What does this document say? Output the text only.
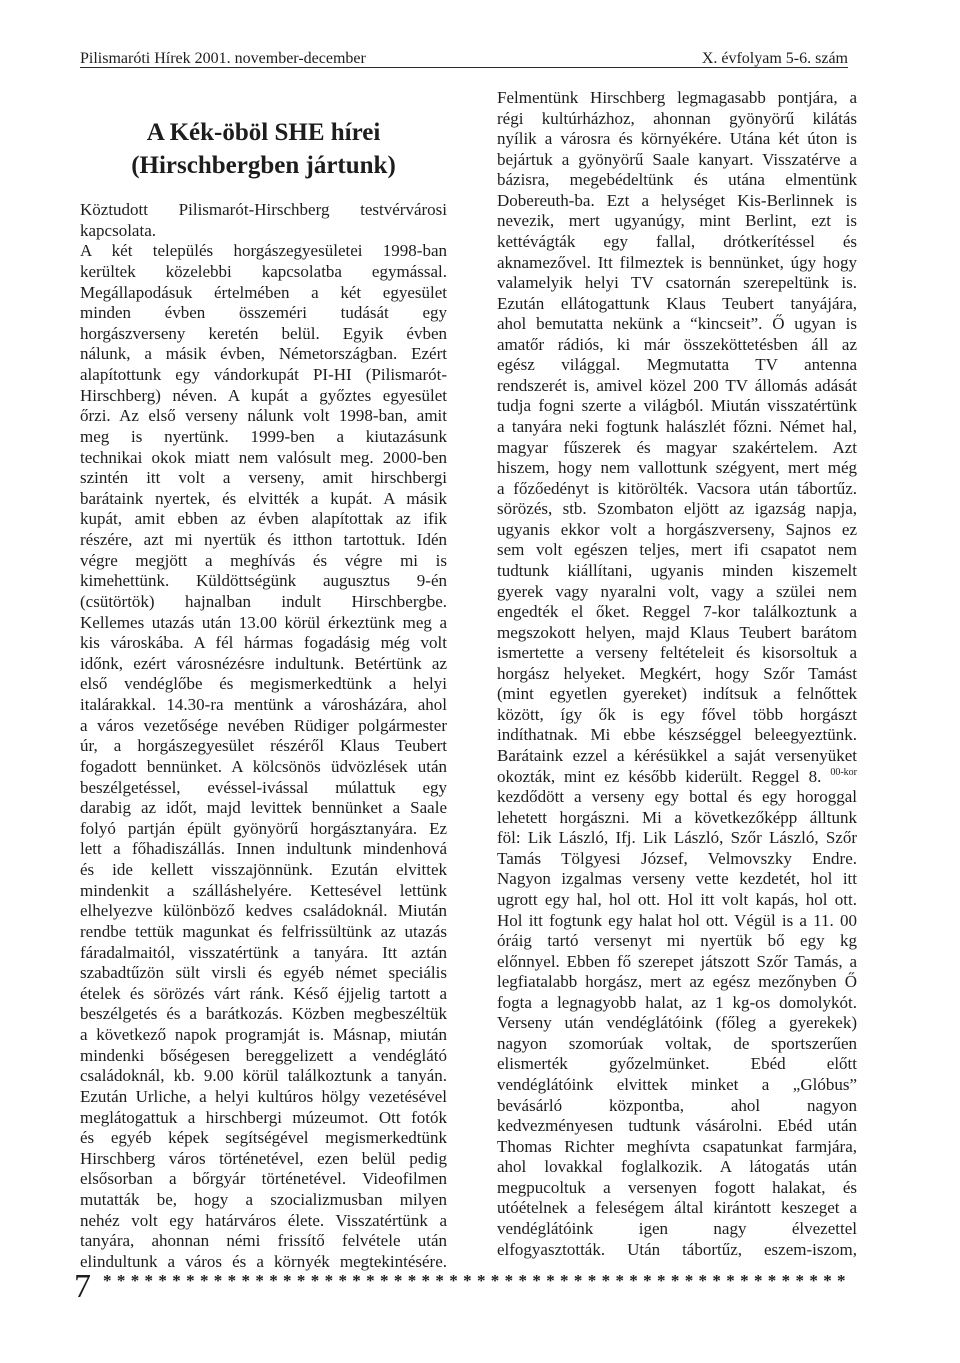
Pilismaróti Hírek 2001. november-december	X. évfolyam 5-6. szám
A Kék-öböl SHE hírei
(Hirschbergben jártunk)
Köztudott Pilismarót-Hirschberg testvérvárosi
kapcsolata.
A két település horgászegyesületei 1998-ban
kerültek közelebbi kapcsolatba egymással.
Megállapodásuk értelmében a két egyesület
minden évben összeméri tudását egy
horgászverseny keretén belül. Egyik évben
nálunk, a másik évben, Németországban. Ezért
alapítottunk egy vándorkupát PI-HI (Pilismarót-
Hirschberg) néven. A kupát a győztes egyesület
őrzi. Az első verseny nálunk volt 1998-ban, amit
meg is nyertünk. 1999-ben a kiutazásunk
technikai okok miatt nem valósult meg. 2000-ben
szintén itt volt a verseny, amit hirschbergi
barátaink nyertek, és elvitték a kupát. A másik
kupát, amit ebben az évben alapítottak az ifik
részére, azt mi nyertük és itthon tartottuk. Idén
végre megjött a meghívás és végre mi is
kimehettünk. Küldöttségünk augusztus 9-én
(csütörtök) hajnalban indult Hirschbergbe.
Kellemes utazás után 13.00 körül érkeztünk meg a
kis városkába. A fél hármas fogadásig még volt
időnk, ezért városnézésre indultunk. Betértünk az
első vendéglőbe és megismerkedtünk a helyi
italárakkal. 14.30-ra mentünk a városházára, ahol
a város vezetősége nevében Rüdiger polgármester
úr, a horgászegyesület részéről Klaus Teubert
fogadott bennünket. A kölcsönös üdvözlések után
beszélgetéssel, evéssel-ivással múlattuk egy
darabig az időt, majd levittek bennünket a Saale
folyó partján épült gyönyörű horgásztanyára. Ez
lett a főhadiszállás. Innen indultunk mindenhová
és ide kellett visszajönnünk. Ezután elvittek
mindenkit a szálláshelyére. Kettesével lettünk
elhelyezve különböző kedves családoknál. Miután
rendbe tettük magunkat és felfrissültünk az utazás
fáradalmaitól, visszatértünk a tanyára. Itt aztán
szabadtűzön sült virsli és egyéb német speciális
ételek és sörözés várt ránk. Késő éjjelig tartott a
beszélgetés és a barátkozás. Közben megbeszéltük
a következő napok programját is. Másnap, miután
mindenki bőségesen bereggelizett a vendéglátó
családoknál, kb. 9.00 körül találkoztunk a tanyán.
Ezután Urliche, a helyi kultúros hölgy vezetésével
meglátogattuk a hirschbergi múzeumot. Ott fotók
és egyéb képek segítségével megismerkedtünk
Hirschberg város történetével, ezen belül pedig
elsősorban a bőrgyár történetével. Videofilmen
mutatták be, hogy a szocializmusban milyen
nehéz volt egy határváros élete. Visszatértünk a
tanyára, ahonnan némi frissítő felvétele után
elindultunk a város és a környék megtekintésére.
Felmentünk Hirschberg legmagasabb pontjára, a
régi kultúrházhoz, ahonnan gyönyörű kilátás
nyílik a városra és környékére. Utána két úton is
bejártuk a gyönyörű Saale kanyart. Visszatérve a
bázisra, megebédeltünk és utána elmentünk
Dobereuth-ba. Ezt a helységet Kis-Berlinnek is
nevezik, mert ugyanúgy, mint Berlint, ezt is
kettévágták egy fallal, drótkerítéssel és
aknamezővel. Itt filmeztek is bennünket, úgy hogy
valamelyik helyi TV csatornán szerepeltünk is.
Ezután ellátogattunk Klaus Teubert tanyájára,
ahol bemutatta nekünk a “kincseit”. Ő ugyan is
amatőr rádiós, ki már összeköttetésben áll az
egész világgal. Megmutatta TV antenna
rendszerét is, amivel közel 200 TV állomás adását
tudja fogni szerte a világból. Miután visszatértünk
a tanyára neki fogtunk halászlét főzni. Német hal,
magyar fűszerek és magyar szakértelem. Azt
hiszem, hogy nem vallottunk szégyent, mert még
a főzőedényt is kitörölték. Vacsora után tábortűz.
sörözés, stb. Szombaton eljött az igazság napja,
ugyanis ekkor volt a horgászverseny, Sajnos ez
sem volt egészen teljes, mert ifi csapatot nem
tudtunk kiállítani, ugyanis minden kiszemelt
gyerek vagy nyaralni volt, vagy a szülei nem
engedték el őket. Reggel 7-kor találkoztunk a
megszokott helyen, majd Klaus Teubert barátom
ismertette a verseny feltételeit és kisorsoltuk a
horgász helyeket. Megkért, hogy Szőr Tamást
(mint egyetlen gyereket) indítsuk a felnőttek
között, így ők is egy fővel több horgászt
indíthatnak. Mi ebbe készséggel beleegyeztünk.
Barátaink ezzel a kérésükkel a saját versenyüket
okozták, mint ez később kiderült. Reggel 8. $^{00-kor}$
kezdődött a verseny egy bottal és egy horoggal
lehetett horgászni. Mi a következőképp álltunk
föl: Lik László, Ifj. Lik László, Szőr László, Szőr
Tamás Tölgyesi József, Velmovszky Endre.
Nagyon izgalmas verseny vette kezdetét, hol itt
ugrott egy hal, hol ott. Hol itt volt kapás, hol ott.
Hol itt fogtunk egy halat hol ott. Végül is a 11. 00
óráig tartó versenyt mi nyertük bő egy kg
előnnyel. Ebben fő szerepet játszott Szőr Tamás, a
legfiatalabb horgász, mert az egész mezőnyben Ő
fogta a legnagyobb halat, az 1 kg-os domolykót.
Verseny után vendéglátóink (főleg a gyerekek)
nagyon szomorúak voltak, de sportszerűen
elismerték győzelmünket. Ebéd előtt
vendéglátóink elvittek minket a „Glóbus”
bevásárló központba, ahol nagyon
kedvezményesen tudtunk vásárolni. Ebéd után
Thomas Richter meghívta csapatunkat farmjára,
ahol lovakkal foglalkozik. A látogatás után
megpucoltuk a versenyen fogott halakat, és
utóételnek a feleségem által kirántott keszeget a
vendéglátóink igen nagy élvezettel
elfogyasztották. Után tábortűz, eszem-iszom,
7 ******************************************************
